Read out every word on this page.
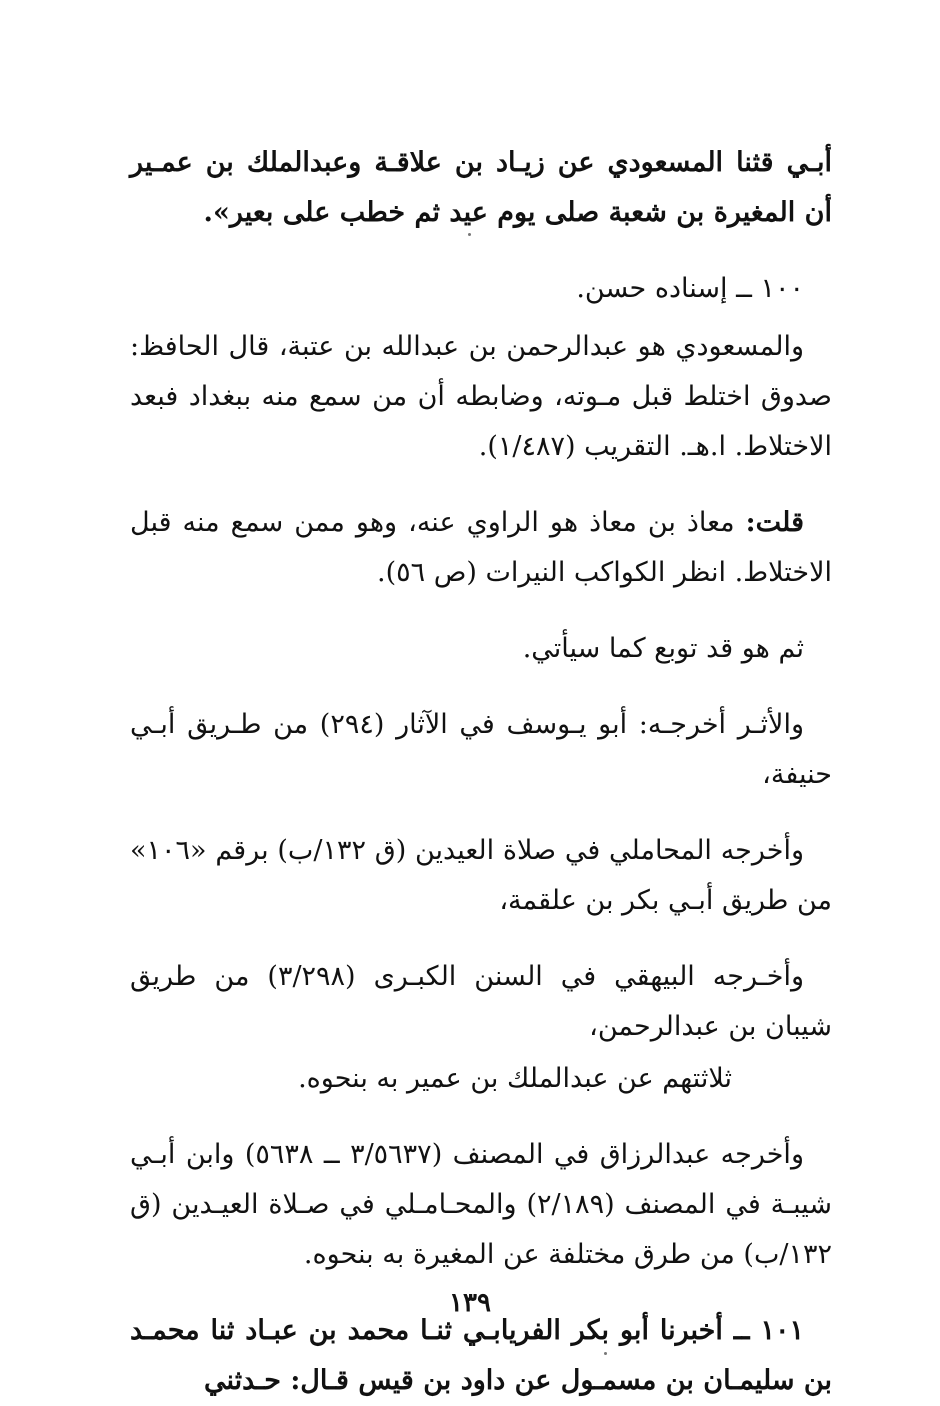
أبـي قثنا المسعودي عن زيـاد بن علاقـة وعبدالملك بن عمـير أن المغيرة بن شعبة صلى يوم عيد ثم خطب على بعير».

١٠٠ ــ إسناده حسن.

والمسعودي هو عبدالرحمن بن عبدالله بن عتبة، قال الحافظ: صدوق اختلط قبل مـوته، وضابطه أن من سمع منه ببغداد فبعد الاختلاط. ا.هـ. التقريب (١/٤٨٧).

قلت: معاذ بن معاذ هو الراوي عنه، وهو ممن سمع منه قبل الاختلاط. انظر الكواكب النيرات (ص ٥٦).

ثم هو قد توبع كما سيأتي.

والأثـر أخرجـه: أبو يـوسف في الآثار (٢٩٤) من طـريق أبـي حنيفة،

وأخرجه المحاملي في صلاة العيدين (ق ١٣٢/ب) برقم «١٠٦» من طريق أبـي بكر بن علقمة،

وأخـرجه البيهقي في السنن الكبـرى (٣/٢٩٨) من طريق شيبان بن عبدالرحمن،

ثلاثتهم عن عبدالملك بن عمير به بنحوه.

وأخرجه عبدالرزاق في المصنف (٣/٥٦٣٧ ــ ٥٦٣٨) وابن أبـي شيبـة في المصنف (٢/١٨٩) والمحـامـلي في صـلاة العيـدين (ق ١٣٢/ب) من طرق مختلفة عن المغيرة به بنحوه.

١٠١ ــ أخبرنا أبو بكر الفريابـي ثنـا محمد بن عبـاد ثنا محمـد بن سليمـان بن مسمـول عن داود بن قيس قـال: حـدثني

١٣٩
